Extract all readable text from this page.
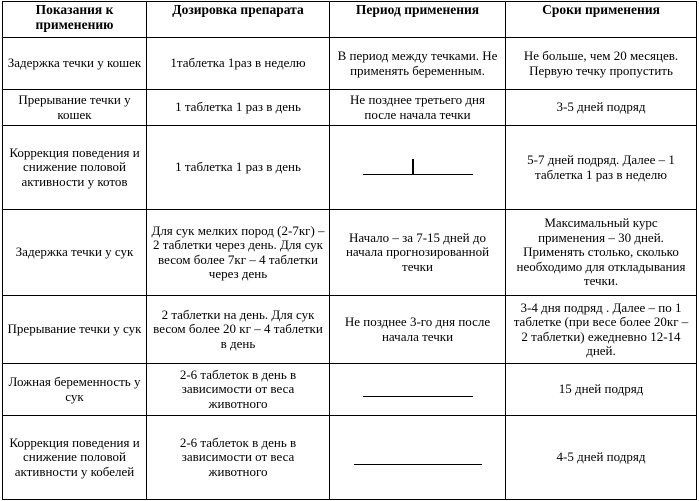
Показания к применению	Дозировка препарата	Период применения	Сроки применения
Задержка течки у кошек	1таблетка 1раз в неделю	В период между течками. Не применять беременным.	Не больше, чем 20 месяцев. Первую течку пропустить
Прерывание течки у кошек	1 таблетка 1 раз в день	Не позднее третьего дня после начала течки	3-5 дней подряд
Коррекция поведения и снижение половой активности у котов	1 таблетка 1 раз в день		5-7 дней подряд. Далее – 1 таблетка 1 раз в неделю
Задержка течки у сук	Для сук мелких пород (2-7кг) – 2 таблетки через день. Для сук весом более 7кг – 4 таблетки через день	Начало – за 7-15 дней до начала прогнозированной течки	Максимальный курс применения – 30 дней. Применять столько, сколько необходимо для откладывания течки.
Прерывание течки у сук	2 таблетки на день. Для сук весом более 20 кг – 4 таблетки в день	Не позднее 3-го дня после начала течки	3-4 дня подряд . Далее – по 1 таблетке (при весе более 20кг – 2 таблетки) ежедневно 12-14 дней.
Ложная беременность у сук	2-6 таблеток в день в зависимости от веса животного		15 дней подряд
Коррекция поведения и снижение половой активности у кобелей	2-6 таблеток в день в зависимости от веса животного		4-5 дней подряд
